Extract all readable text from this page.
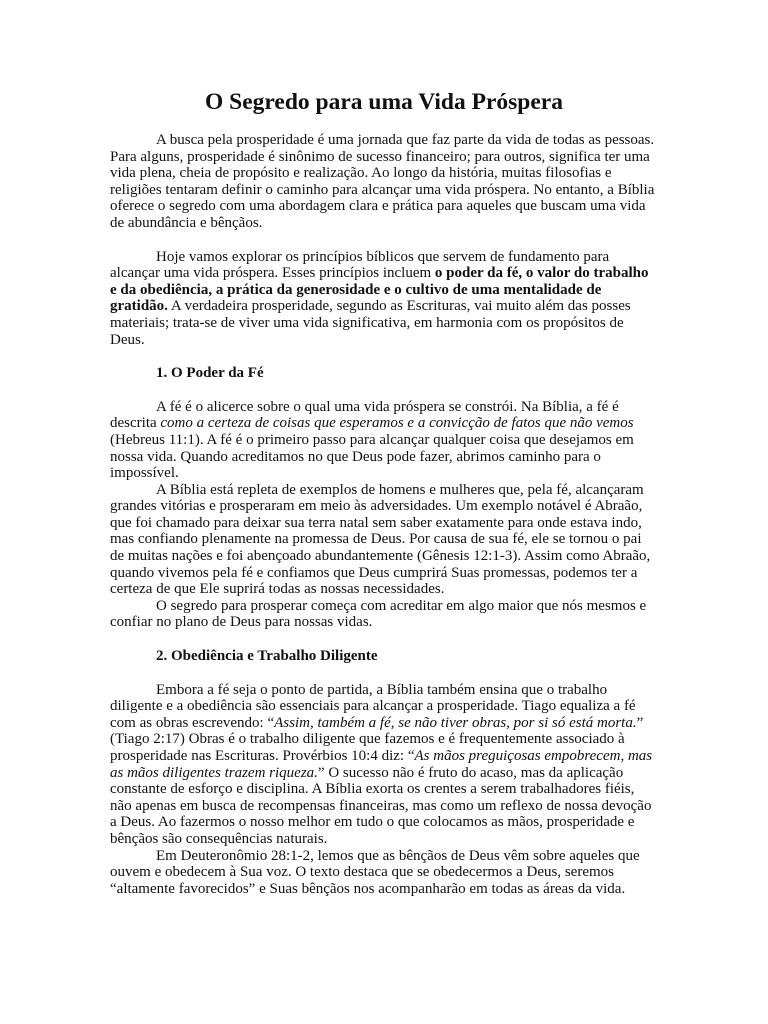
O Segredo para uma Vida Próspera

A busca pela prosperidade é uma jornada que faz parte da vida de todas as pessoas. Para alguns, prosperidade é sinônimo de sucesso financeiro; para outros, significa ter uma vida plena, cheia de propósito e realização. Ao longo da história, muitas filosofias e religiões tentaram definir o caminho para alcançar uma vida próspera. No entanto, a Bíblia oferece o segredo com uma abordagem clara e prática para aqueles que buscam uma vida de abundância e bênçãos.

Hoje vamos explorar os princípios bíblicos que servem de fundamento para alcançar uma vida próspera. Esses princípios incluem o poder da fé, o valor do trabalho e da obediência, a prática da generosidade e o cultivo de uma mentalidade de gratidão. A verdadeira prosperidade, segundo as Escrituras, vai muito além das posses materiais; trata-se de viver uma vida significativa, em harmonia com os propósitos de Deus.

1. O Poder da Fé

A fé é o alicerce sobre o qual uma vida próspera se constrói. Na Bíblia, a fé é descrita como a certeza de coisas que esperamos e a convicção de fatos que não vemos (Hebreus 11:1). A fé é o primeiro passo para alcançar qualquer coisa que desejamos em nossa vida. Quando acreditamos no que Deus pode fazer, abrimos caminho para o impossível.

A Bíblia está repleta de exemplos de homens e mulheres que, pela fé, alcançaram grandes vitórias e prosperaram em meio às adversidades. Um exemplo notável é Abraão, que foi chamado para deixar sua terra natal sem saber exatamente para onde estava indo, mas confiando plenamente na promessa de Deus. Por causa de sua fé, ele se tornou o pai de muitas nações e foi abençoado abundantemente (Gênesis 12:1-3). Assim como Abraão, quando vivemos pela fé e confiamos que Deus cumprirá Suas promessas, podemos ter a certeza de que Ele suprirá todas as nossas necessidades.

O segredo para prosperar começa com acreditar em algo maior que nós mesmos e confiar no plano de Deus para nossas vidas.

2. Obediência e Trabalho Diligente

Embora a fé seja o ponto de partida, a Bíblia também ensina que o trabalho diligente e a obediência são essenciais para alcançar a prosperidade. Tiago equaliza a fé com as obras escrevendo: “Assim, também a fé, se não tiver obras, por si só está morta.” (Tiago 2:17) Obras é o trabalho diligente que fazemos e é frequentemente associado à prosperidade nas Escrituras. Provérbios 10:4 diz: “As mãos preguiçosas empobrecem, mas as mãos diligentes trazem riqueza.” O sucesso não é fruto do acaso, mas da aplicação constante de esforço e disciplina. A Bíblia exorta os crentes a serem trabalhadores fiéis, não apenas em busca de recompensas financeiras, mas como um reflexo de nossa devoção a Deus. Ao fazermos o nosso melhor em tudo o que colocamos as mãos, prosperidade e bênçãos são consequências naturais.

Em Deuteronômio 28:1-2, lemos que as bênçãos de Deus vêm sobre aqueles que ouvem e obedecem à Sua voz. O texto destaca que se obedecermos a Deus, seremos “altamente favorecidos” e Suas bênçãos nos acompanharão em todas as áreas da vida.
